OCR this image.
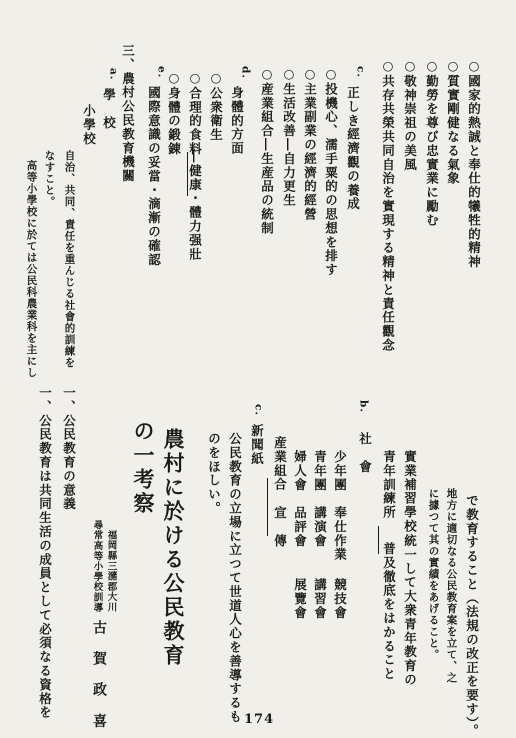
○國家的熱誠と奉仕的犧牲的精神
○質實剛健なる氣象
○勤勞を尊び忠實業に勵む
○敬神崇祖の美風
○共存共榮共同自治を實現する精神と責任觀念
c.
正しき經濟觀の養成
○投機心、濡手粟的の思想を排す
○主業副業の經濟的經營
○生活改善―自力更生
○産業組合―生産品の統制
d.
身體的方面
○公衆衛生
○合理的食料
○身體の鍛錬
―健康・體力强壯
e.
國際意識の妥當・滴漸の確認
三、農村公民教育機關
a.
學　校
小學校
自治、共同、責任を重んじる社會的訓練を
なすこと。
高等小學校に於ては公民科農業科を主にし
で教育すること（法規の改正を要す）。
地方に適切なる公民教育案を立て、之
に據つて其の實績をあげること。
實業補習學校
青年訓練所
統一して大衆青年教育の
普及徹底をはかること
b.
社　會
少年團
青年團
婦人會
産業組合
奉仕作業
講演會
品評會
宣　傳
競技會
講習會
展覽會
c.
新聞紙
公民教育の立場に立つて世道人心を善導するも
のをほしい。
農村に於ける公民教育
の一考察
福岡縣三瀦郡大川
尋常高等小學校訓導
古　賀　政　喜
一、公民教育の意義
一、公民教育は共同生活の成員として必須なる資格を	174
